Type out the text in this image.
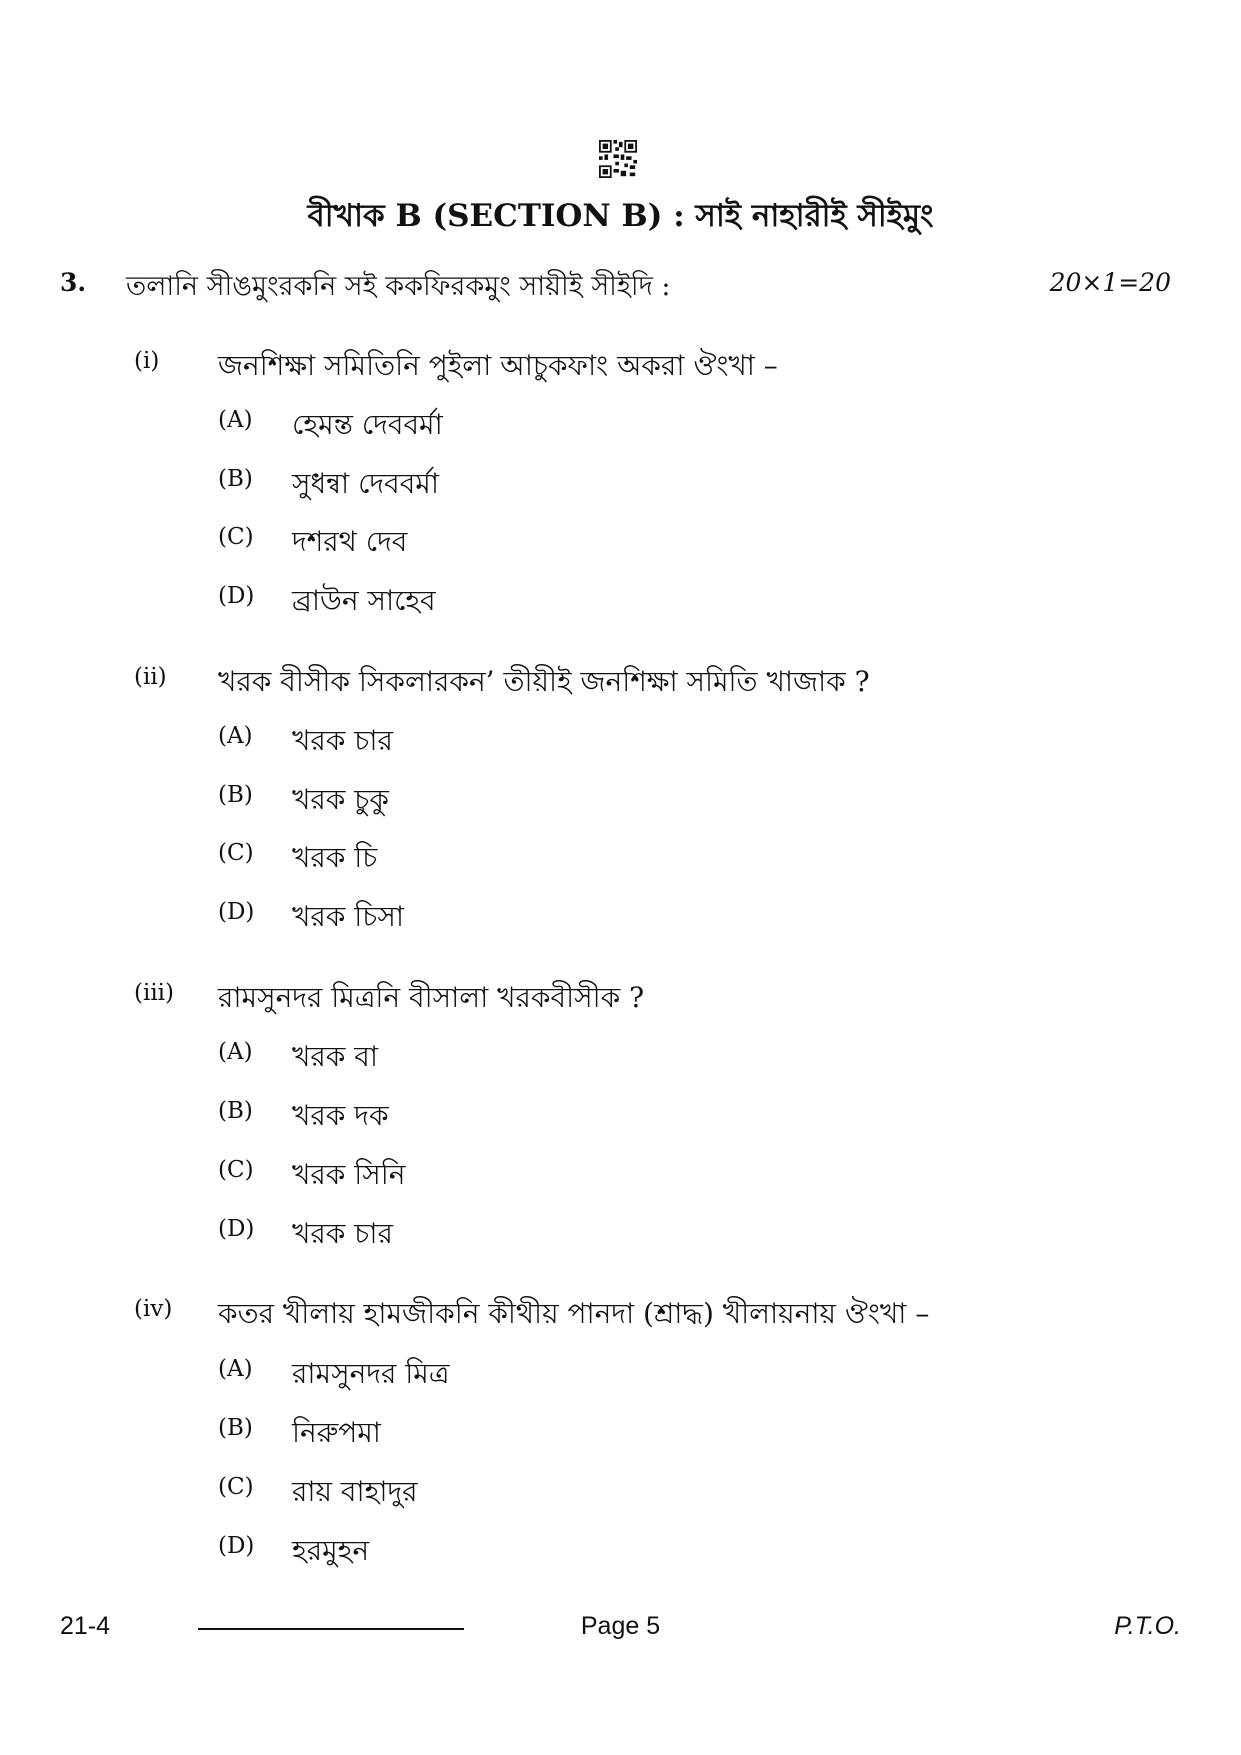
বীখাক B (SECTION B) : সাই নাহারীই সীইমুং
3. তলানি সীঙমুংরকনি সই ককফিরকমুং সায়ীই সীইদি :	20×1=20
(i) জনশিক্ষা সমিতিনি পুইলা আচুকফাং অকরা ঔংখা –
(A) হেমন্ত দেববর্মা
(B) সুধন্বা দেববর্মা
(C) দশরথ দেব
(D) ব্রাউন সাহেব
(ii) খরক বীসীক সিকলারকন’ তীয়ীই জনশিক্ষা সমিতি খাজাক ?
(A) খরক চার
(B) খরক চুকু
(C) খরক চি
(D) খরক চিসা
(iii) রামসুনদর মিত্রনি বীসালা খরকবীসীক ?
(A) খরক বা
(B) খরক দক
(C) খরক সিনি
(D) খরক চার
(iv) কতর খীলায় হামজীকনি কীথীয় পানদা (শ্রাদ্ধ) খীলায়নায় ঔংখা –
(A) রামসুনদর মিত্র
(B) নিরুপমা
(C) রায় বাহাদুর
(D) হরমুহন
21-4	Page 5	P.T.O.
